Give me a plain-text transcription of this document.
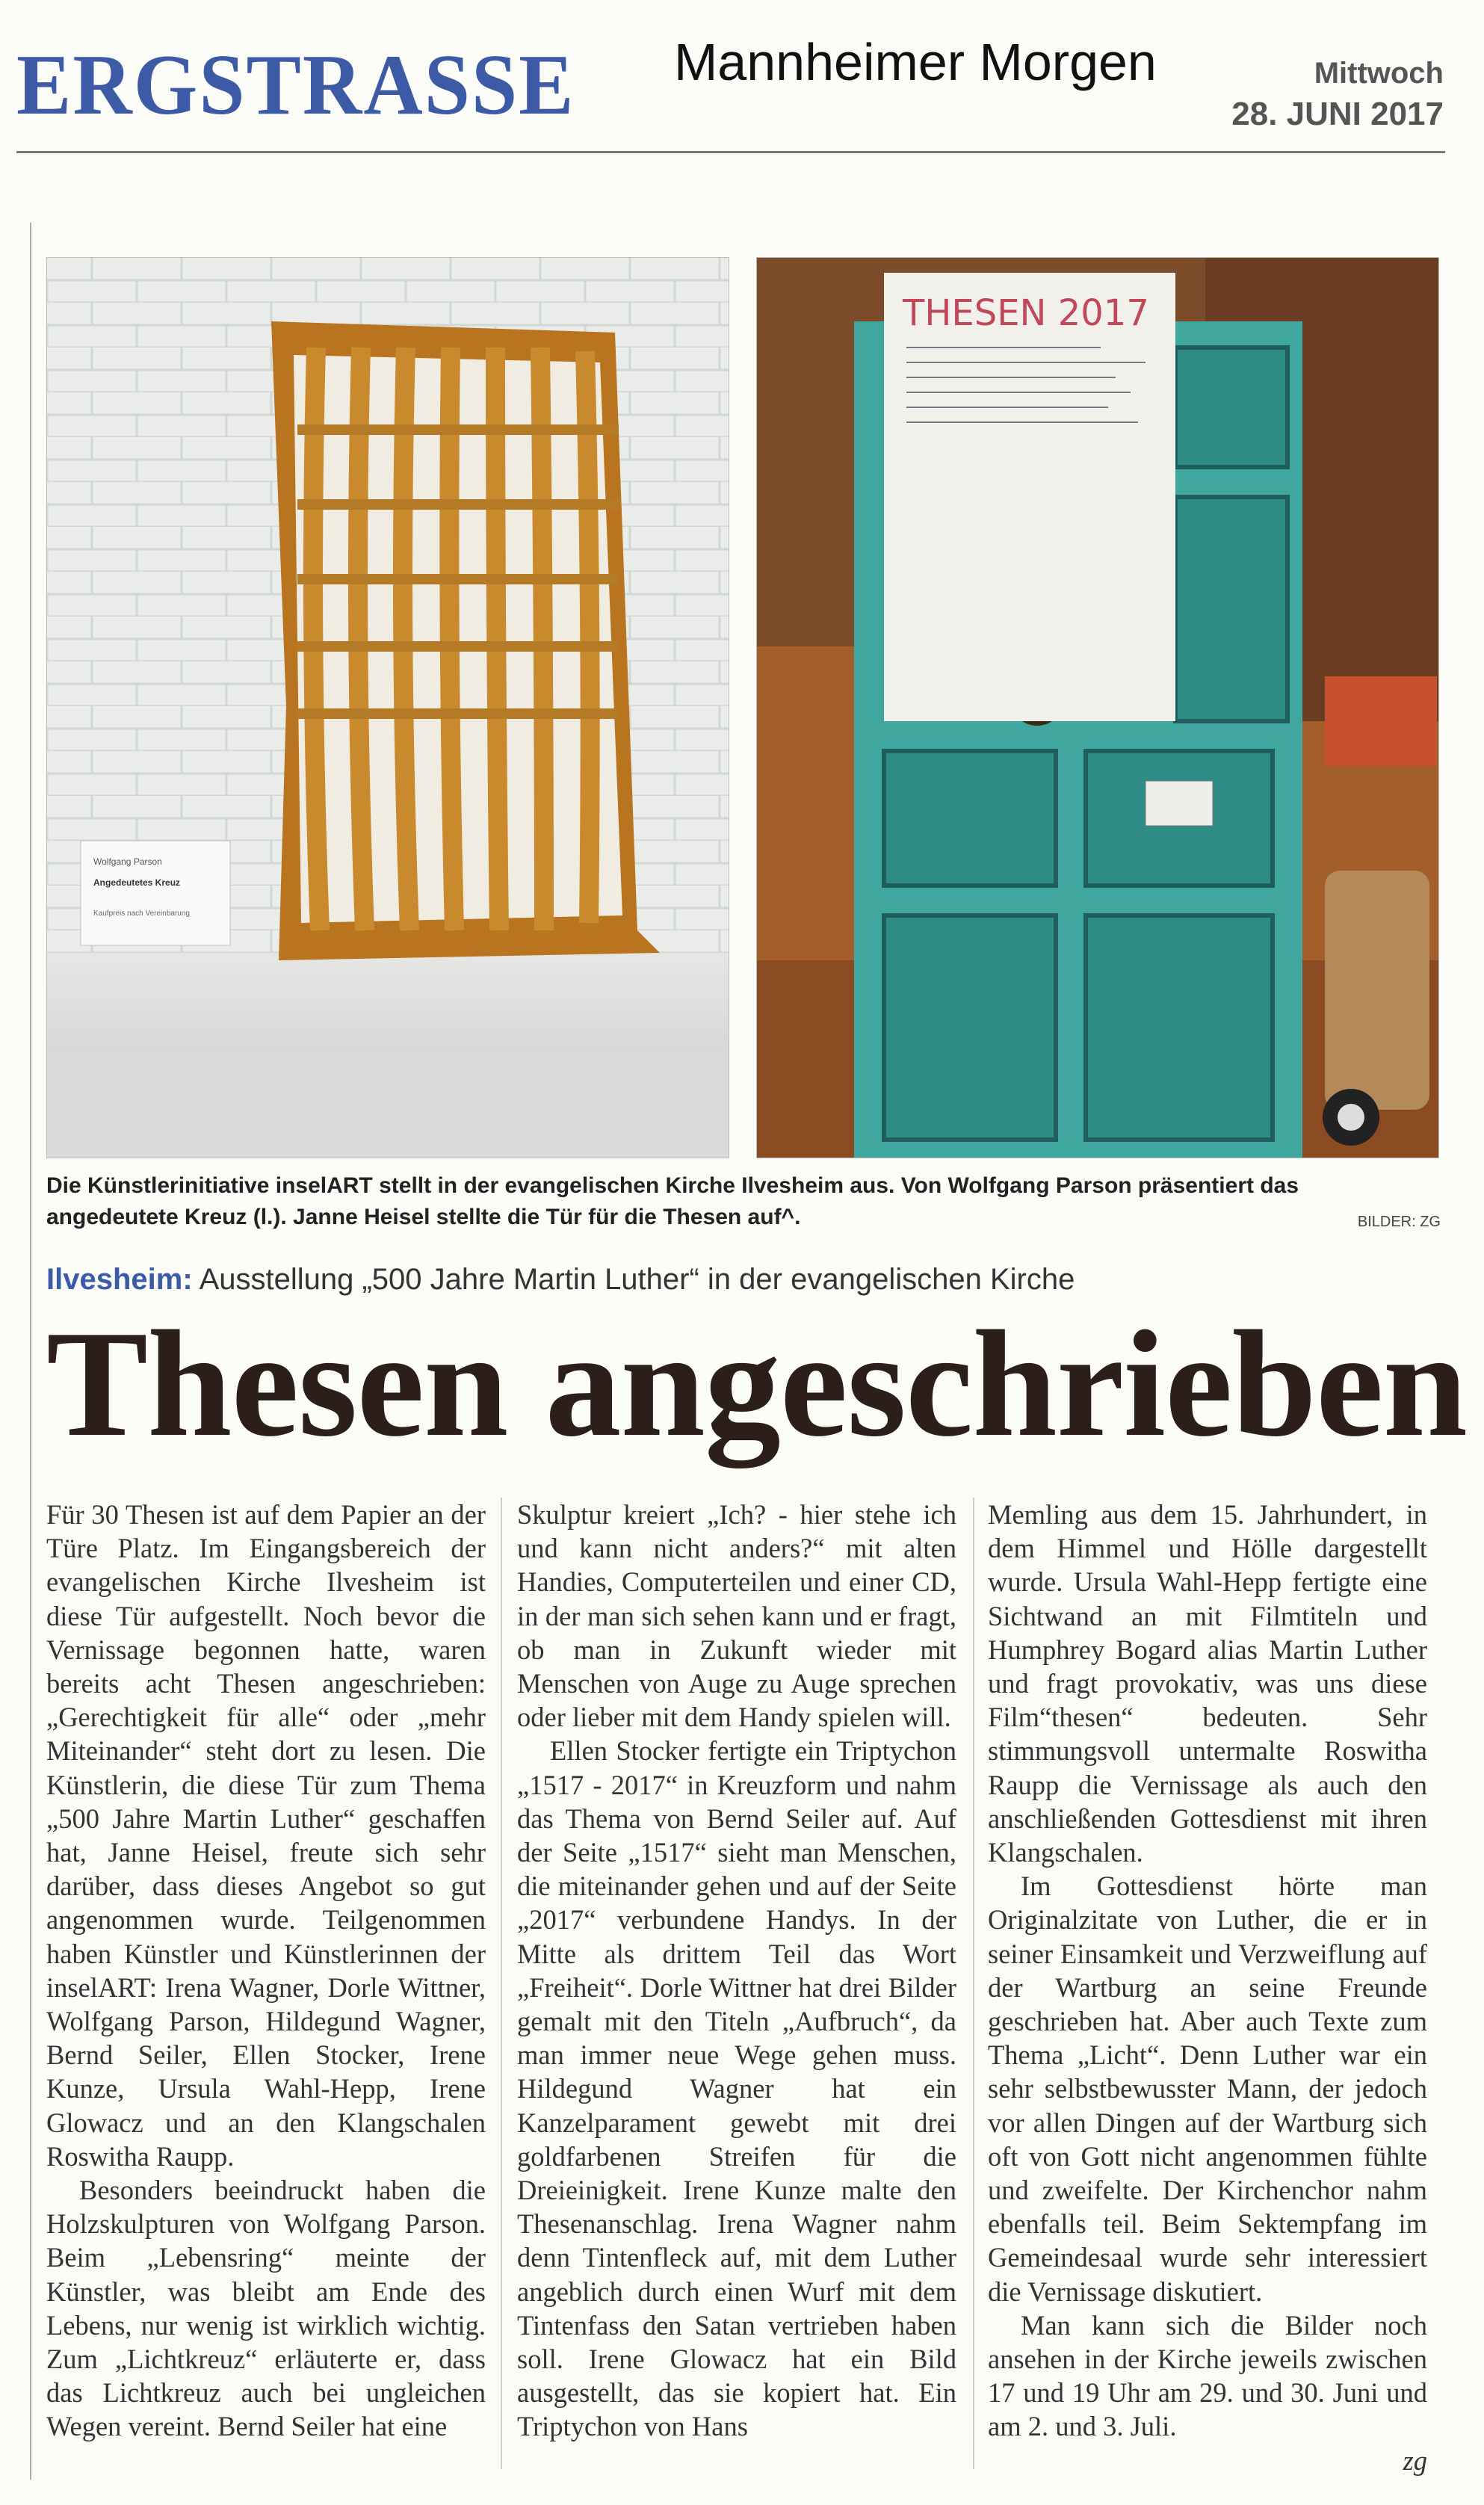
ERGSTRASSE Mannheimer Morgen	Mittwoch
28. JUNI 2017
Wolfgang Parson
Angedeutetes Kreuz
Kaufpreis nach Vereinbarung
THESEN 2017
Die Künstlerinitiative inselART stellt in der evangelischen Kirche Ilvesheim aus. Von Wolfgang Parson präsentiert das angedeutete Kreuz (l.). Janne Heisel stellte die Tür für die Thesen auf^.	BILDER: ZG
Ilvesheim: Ausstellung „500 Jahre Martin Luther“ in der evangelischen Kirche
Thesen angeschrieben

Für 30 Thesen ist auf dem Papier an der Türe Platz. Im Eingangsbereich der evangelischen Kirche Ilvesheim ist diese Tür aufgestellt. Noch bevor die Vernissage begonnen hatte, waren bereits acht Thesen angeschrieben: „Gerechtigkeit für alle“ oder „mehr Miteinander“ steht dort zu lesen. Die Künstlerin, die diese Tür zum Thema „500 Jahre Martin Luther“ geschaffen hat, Janne Heisel, freute sich sehr darüber, dass dieses Angebot so gut angenommen wurde. Teilgenommen haben Künstler und Künstlerinnen der inselART: Irena Wagner, Dorle Wittner, Wolfgang Parson, Hildegund Wagner, Bernd Seiler, Ellen Stocker, Irene Kunze, Ursula Wahl-Hepp, Irene Glowacz und an den Klangschalen Roswitha Raupp.

Besonders beeindruckt haben die Holzskulpturen von Wolfgang Parson. Beim „Lebensring“ meinte der Künstler, was bleibt am Ende des Lebens, nur wenig ist wirklich wichtig. Zum „Lichtkreuz“ erläuterte er, dass das Lichtkreuz auch bei ungleichen Wegen vereint. Bernd Seiler hat eine

Skulptur kreiert „Ich? - hier stehe ich und kann nicht anders?“ mit alten Handies, Computerteilen und einer CD, in der man sich sehen kann und er fragt, ob man in Zukunft wieder mit Menschen von Auge zu Auge sprechen oder lieber mit dem Handy spielen will.

Ellen Stocker fertigte ein Triptychon „1517 - 2017“ in Kreuzform und nahm das Thema von Bernd Seiler auf. Auf der Seite „1517“ sieht man Menschen, die miteinander gehen und auf der Seite „2017“ verbundene Handys. In der Mitte als drittem Teil das Wort „Freiheit“. Dorle Wittner hat drei Bilder gemalt mit den Titeln „Aufbruch“, da man immer neue Wege gehen muss. Hildegund Wagner hat ein Kanzelparament gewebt mit drei goldfarbenen Streifen für die Dreieinigkeit. Irene Kunze malte den Thesenanschlag. Irena Wagner nahm denn Tintenfleck auf, mit dem Luther angeblich durch einen Wurf mit dem Tintenfass den Satan vertrieben haben soll. Irene Glowacz hat ein Bild ausgestellt, das sie kopiert hat. Ein Triptychon von Hans

Memling aus dem 15. Jahrhundert, in dem Himmel und Hölle dargestellt wurde. Ursula Wahl-Hepp fertigte eine Sichtwand an mit Filmtiteln und Humphrey Bogard alias Martin Luther und fragt provokativ, was uns diese Film“thesen“ bedeuten. Sehr stimmungsvoll untermalte Roswitha Raupp die Vernissage als auch den anschließenden Gottesdienst mit ihren Klangschalen.

Im Gottesdienst hörte man Originalzitate von Luther, die er in seiner Einsamkeit und Verzweiflung auf der Wartburg an seine Freunde geschrieben hat. Aber auch Texte zum Thema „Licht“. Denn Luther war ein sehr selbstbewusster Mann, der jedoch vor allen Dingen auf der Wartburg sich oft von Gott nicht angenommen fühlte und zweifelte. Der Kirchenchor nahm ebenfalls teil. Beim Sektempfang im Gemeindesaal wurde sehr interessiert die Vernissage diskutiert.

Man kann sich die Bilder noch ansehen in der Kirche jeweils zwischen 17 und 19 Uhr am 29. und 30. Juni und am 2. und 3. Juli.

zg
